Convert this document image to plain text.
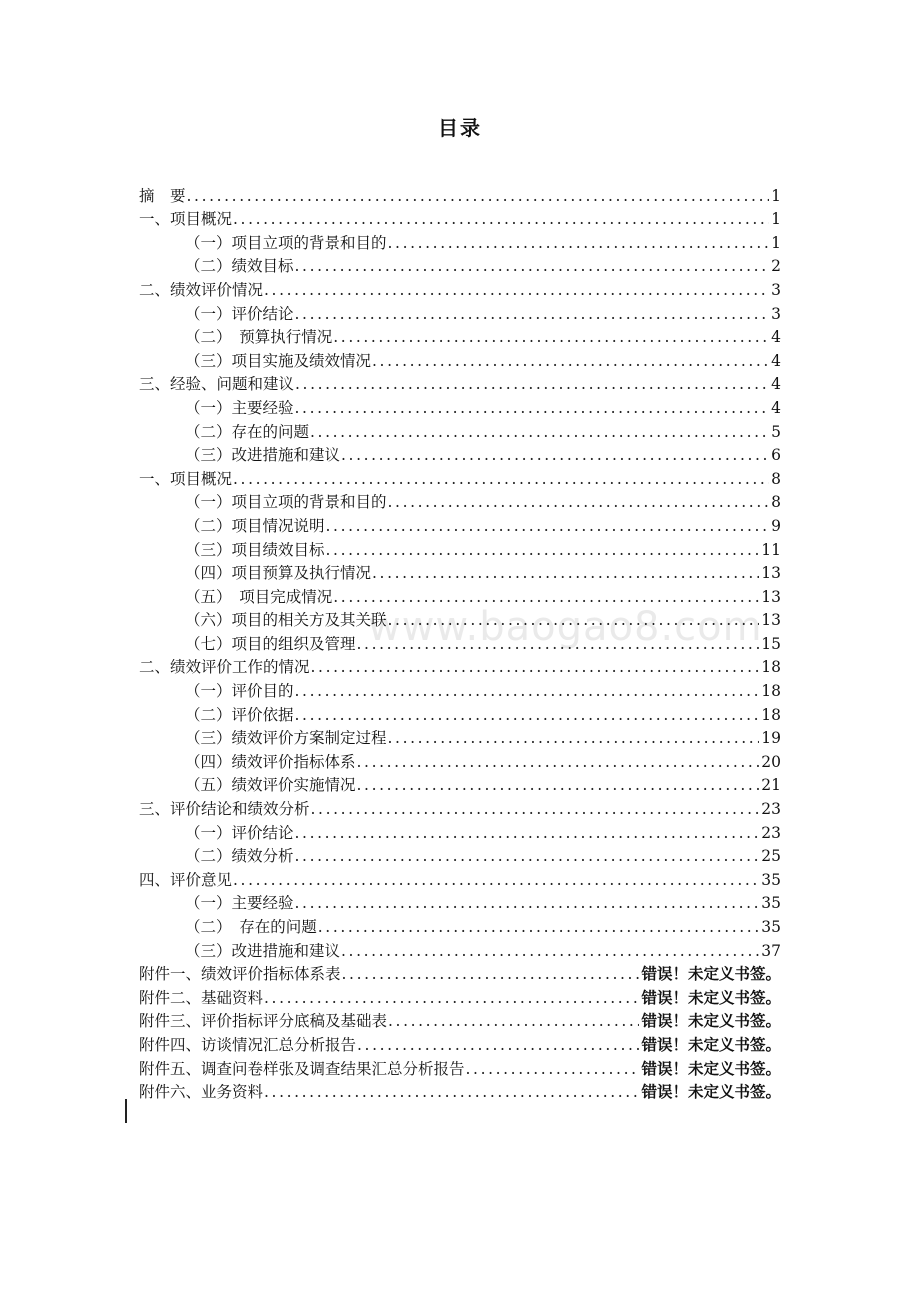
目录
www.baogao8.com
摘　要 .....	1
一、项目概况 .....	1
（一）项目立项的背景和目的 .....	1
（二）绩效目标 .....	2
二、绩效评价情况 .....	3
（一）评价结论 .....	3
（二）　预算执行情况 .....	4
（三）项目实施及绩效情况 .....	4
三、经验、问题和建议 .....	4
（一）主要经验 .....	4
（二）存在的问题 .....	5
（三）改进措施和建议 .....	6
一、项目概况 .....	8
（一）项目立项的背景和目的 .....	8
（二）项目情况说明 .....	9
（三）项目绩效目标 .....	11
（四）项目预算及执行情况 .....	13
（五）　项目完成情况 .....	13
（六）项目的相关方及其关联 .....	13
（七）项目的组织及管理 .....	15
二、绩效评价工作的情况 .....	18
（一）评价目的 .....	18
（二）评价依据 .....	18
（三）绩效评价方案制定过程 .....	19
（四）绩效评价指标体系 .....	20
（五）绩效评价实施情况 .....	21
三、评价结论和绩效分析 .....	23
（一）评价结论 .....	23
（二）绩效分析 .....	25
四、评价意见 .....	35
（一）主要经验 .....	35
（二）　存在的问题 .....	35
（三）改进措施和建议 .....	37
附件一、绩效评价指标体系表 .....	错误！未定义书签。
附件二、基础资料 .....	错误！未定义书签。
附件三、评价指标评分底稿及基础表 .....	错误！未定义书签。
附件四、访谈情况汇总分析报告 .....	错误！未定义书签。
附件五、调查问卷样张及调查结果汇总分析报告 .....	错误！未定义书签。
附件六、业务资料 .....	错误！未定义书签。
